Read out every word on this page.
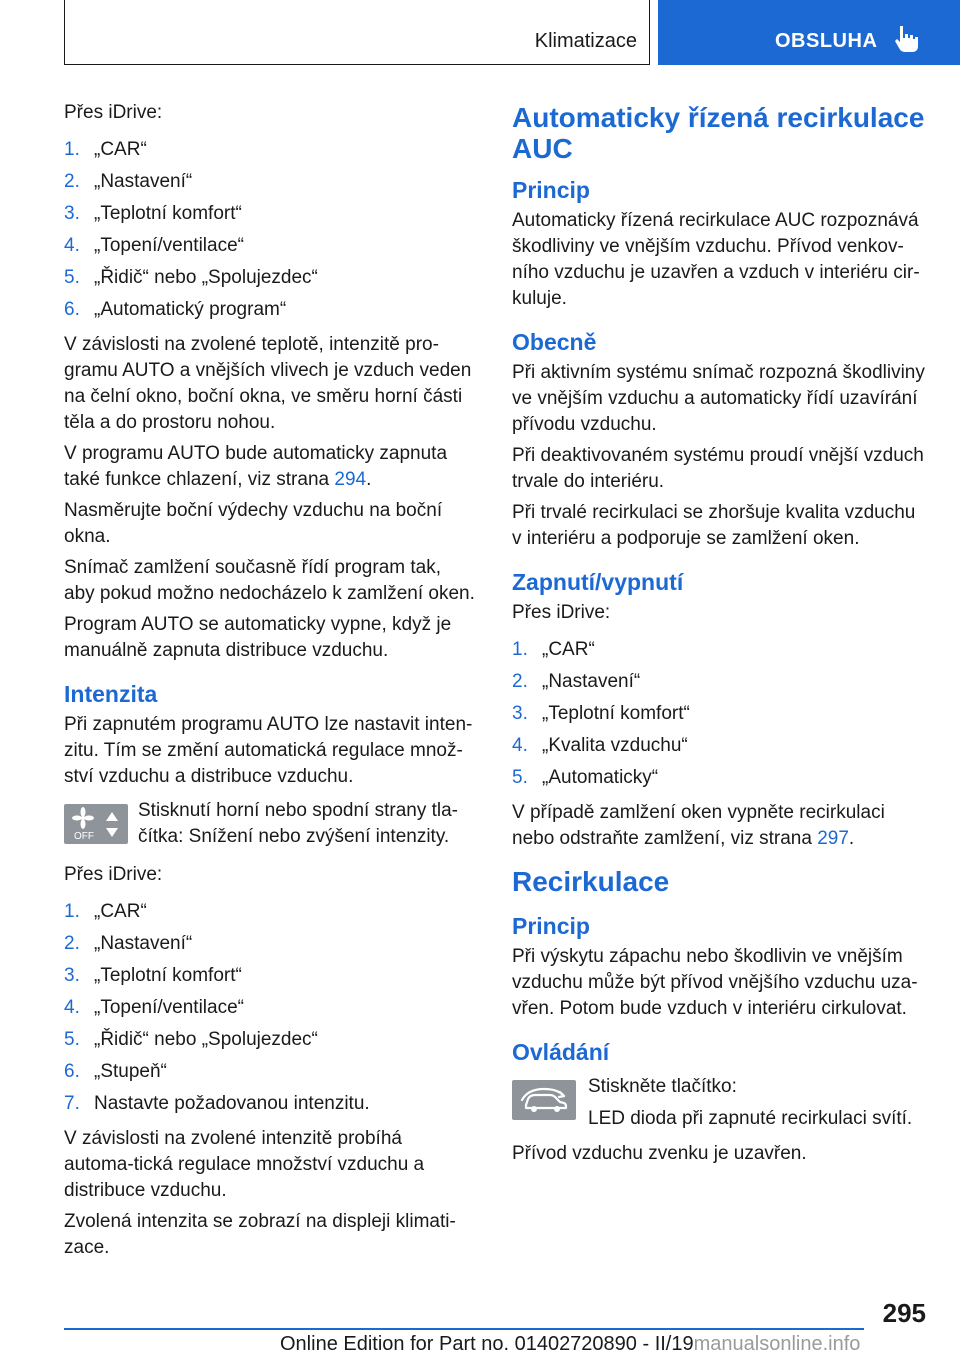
Klimatizace	OBSLUHA

Přes iDrive:

1. „CAR“
2. „Nastavení“
3. „Teplotní komfort“
4. „Topení/ventilace“
5. „Řidič“ nebo „Spolujezdec“
6. „Automatický program“

V závislosti na zvolené teplotě, intenzitě pro‐gramu AUTO a vnějších vlivech je vzduch veden na čelní okno, boční okna, ve směru horní části těla a do prostoru nohou.

V programu AUTO bude automaticky zapnuta také funkce chlazení, viz strana 294.

Nasměrujte boční výdechy vzduchu na boční okna.

Snímač zamlžení současně řídí program tak, aby pokud možno nedocházelo k zamlžení oken.

Program AUTO se automaticky vypne, když je manuálně zapnuta distribuce vzduchu.

Intenzita

Při zapnutém programu AUTO lze nastavit inten‐zitu. Tím se změní automatická regulace množ‐ství vzduchu a distribuce vzduchu.

OFF
Stisknutí horní nebo spodní strany tla‐čítka: Snížení nebo zvýšení intenzity.

Přes iDrive:

1. „CAR“
2. „Nastavení“
3. „Teplotní komfort“
4. „Topení/ventilace“
5. „Řidič“ nebo „Spolujezdec“
6. „Stupeň“
7. Nastavte požadovanou intenzitu.

V závislosti na zvolené intenzitě probíhá automa‐tická regulace množství vzduchu a distribuce vzduchu.

Zvolená intenzita se zobrazí na displeji klimati‐zace.

Automaticky řízená recirkulace AUC
Princip

Automaticky řízená recirkulace AUC rozpoznává škodliviny ve vnějším vzduchu. Přívod venkov‐ního vzduchu je uzavřen a vzduch v interiéru cir‐kuluje.

Obecně

Při aktivním systému snímač rozpozná škodliviny ve vnějším vzduchu a automaticky řídí uzavírání přívodu vzduchu.

Při deaktivovaném systému proudí vnější vzduch trvale do interiéru.

Při trvalé recirkulaci se zhoršuje kvalita vzduchu v interiéru a podporuje se zamlžení oken.

Zapnutí/vypnutí

Přes iDrive:

1. „CAR“
2. „Nastavení“
3. „Teplotní komfort“
4. „Kvalita vzduchu“
5. „Automaticky“

V případě zamlžení oken vypněte recirkulaci nebo odstraňte zamlžení, viz strana 297.

Recirkulace
Princip

Při výskytu zápachu nebo škodlivin ve vnějším vzduchu může být přívod vnějšího vzduchu uza‐vřen. Potom bude vzduch v interiéru cirkulovat.

Ovládání

Stiskněte tlačítko:

LED dioda při zapnuté recirkulaci svítí.

Přívod vzduchu zvenku je uzavřen.

295
Online Edition for Part no. 01402720890 - II/19manualsonline.info
